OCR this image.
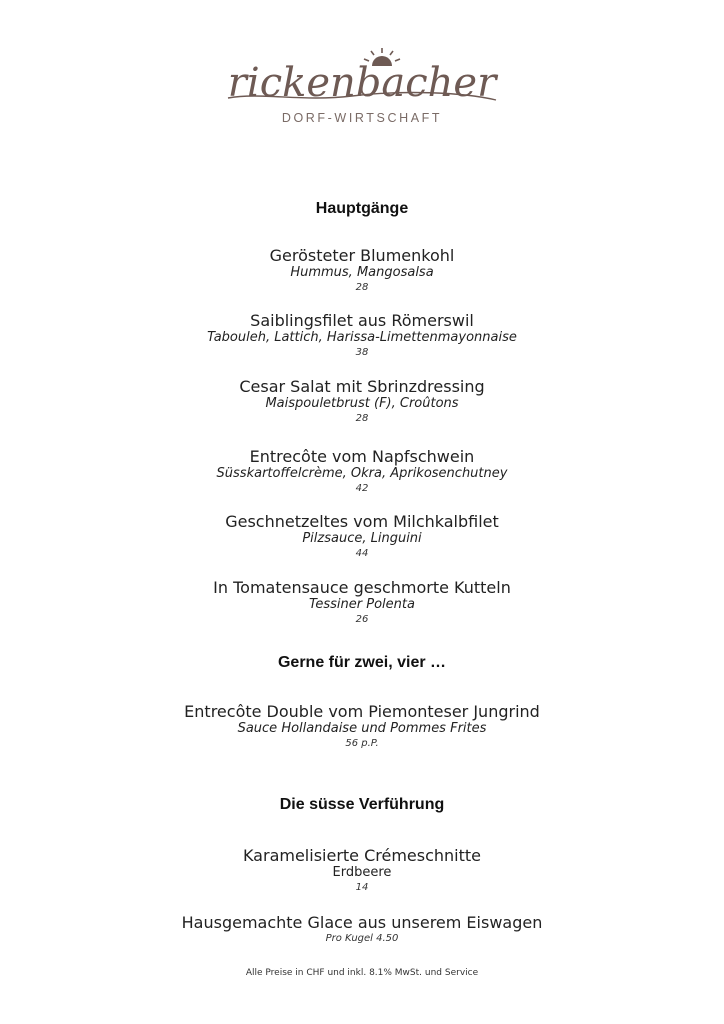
rickenbacher
DORF-WIRTSCHAFT
Hauptgänge
Gerösteter Blumenkohl
Hummus, Mangosalsa
28
Saiblingsfilet aus Römerswil
Tabouleh, Lattich, Harissa-Limettenmayonnaise
38
Cesar Salat mit Sbrinzdressing
Maispouletbrust (F), Croûtons
28
Entrecôte vom Napfschwein
Süsskartoffelcrème, Okra, Aprikosenchutney
42
Geschnetzeltes vom Milchkalbfilet
Pilzsauce, Linguini
44
In Tomatensauce geschmorte Kutteln
Tessiner Polenta
26
Gerne für zwei, vier …
Entrecôte Double vom Piemonteser Jungrind
Sauce Hollandaise und Pommes Frites
56 p.P.
Die süsse Verführung
Karamelisierte Crémeschnitte
Erdbeere
14
Hausgemachte Glace aus unserem Eiswagen
Pro Kugel 4.50
Alle Preise in CHF und inkl. 8.1% MwSt. und Service
